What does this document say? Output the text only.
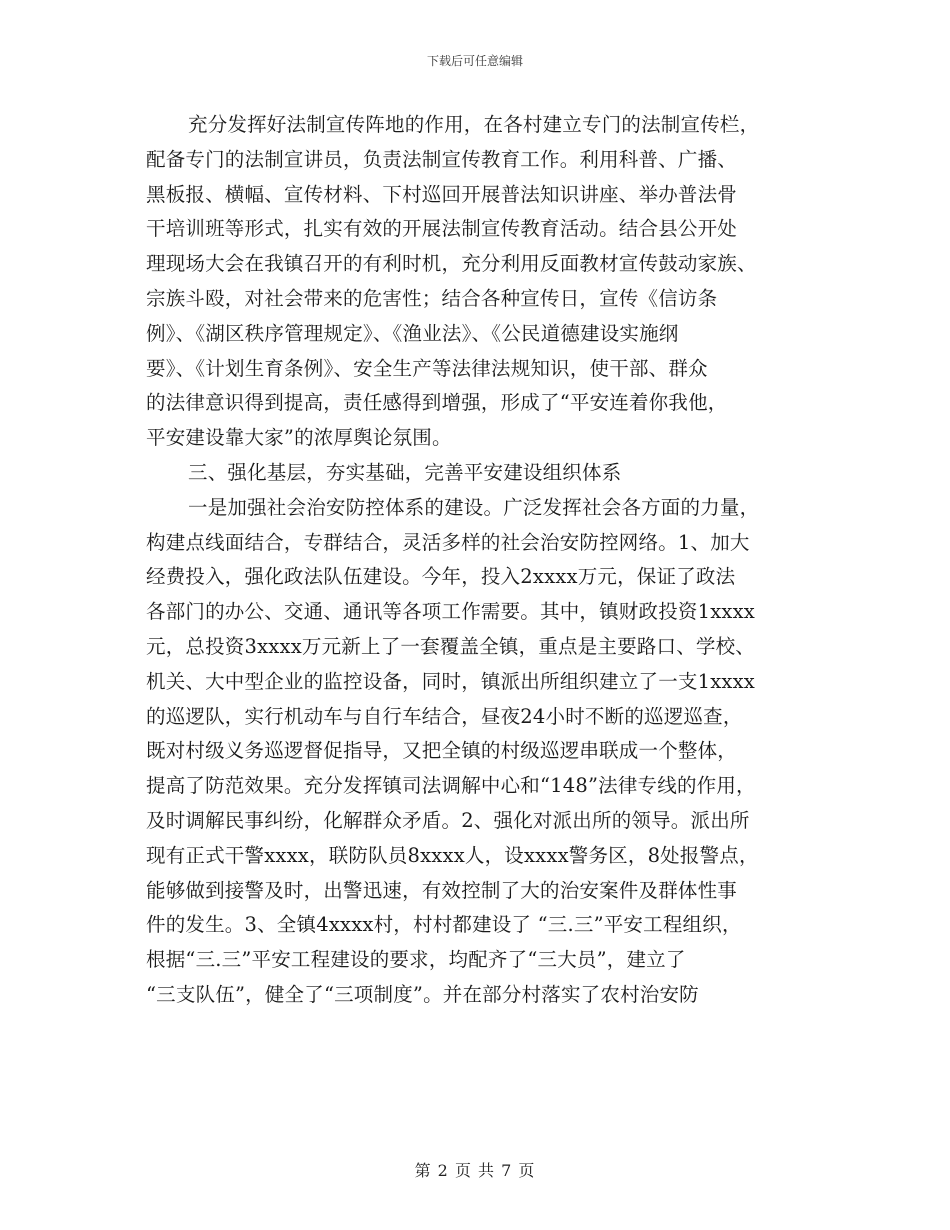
下载后可任意编辑
充分发挥好法制宣传阵地的作用，在各村建立专门的法制宣传栏，
配备专门的法制宣讲员，负责法制宣传教育工作。利用科普、广播、
黑板报、横幅、宣传材料、下村巡回开展普法知识讲座、举办普法骨
干培训班等形式，扎实有效的开展法制宣传教育活动。结合县公开处
理现场大会在我镇召开的有利时机，充分利用反面教材宣传鼓动家族、
宗族斗殴，对社会带来的危害性；结合各种宣传日，宣传《信访条
例》、《湖区秩序管理规定》、《渔业法》、《公民道德建设实施纲
要》、《计划生育条例》、安全生产等法律法规知识，使干部、群众
的法律意识得到提高，责任感得到增强，形成了“平安连着你我他，
平安建设靠大家”的浓厚舆论氛围。
三、强化基层，夯实基础，完善平安建设组织体系
一是加强社会治安防控体系的建设。广泛发挥社会各方面的力量，
构建点线面结合，专群结合，灵活多样的社会治安防控网络。1、加大
经费投入，强化政法队伍建设。今年，投入2xxxx万元，保证了政法
各部门的办公、交通、通讯等各项工作需要。其中，镇财政投资1xxxx
元，总投资3xxxx万元新上了一套覆盖全镇，重点是主要路口、学校、
机关、大中型企业的监控设备，同时，镇派出所组织建立了一支1xxxx
的巡逻队，实行机动车与自行车结合，昼夜24小时不断的巡逻巡查，
既对村级义务巡逻督促指导，又把全镇的村级巡逻串联成一个整体，
提高了防范效果。充分发挥镇司法调解中心和“148”法律专线的作用，
及时调解民事纠纷，化解群众矛盾。2、强化对派出所的领导。派出所
现有正式干警xxxx，联防队员8xxxx人，设xxxx警务区，8处报警点，
能够做到接警及时，出警迅速，有效控制了大的治安案件及群体性事
件的发生。3、全镇4xxxx村，村村都建设了 “三.三”平安工程组织，
根据“三.三”平安工程建设的要求，均配齐了“三大员”，建立了
“三支队伍”，健全了“三项制度”。并在部分村落实了农村治安防
第 2 页 共 7 页
